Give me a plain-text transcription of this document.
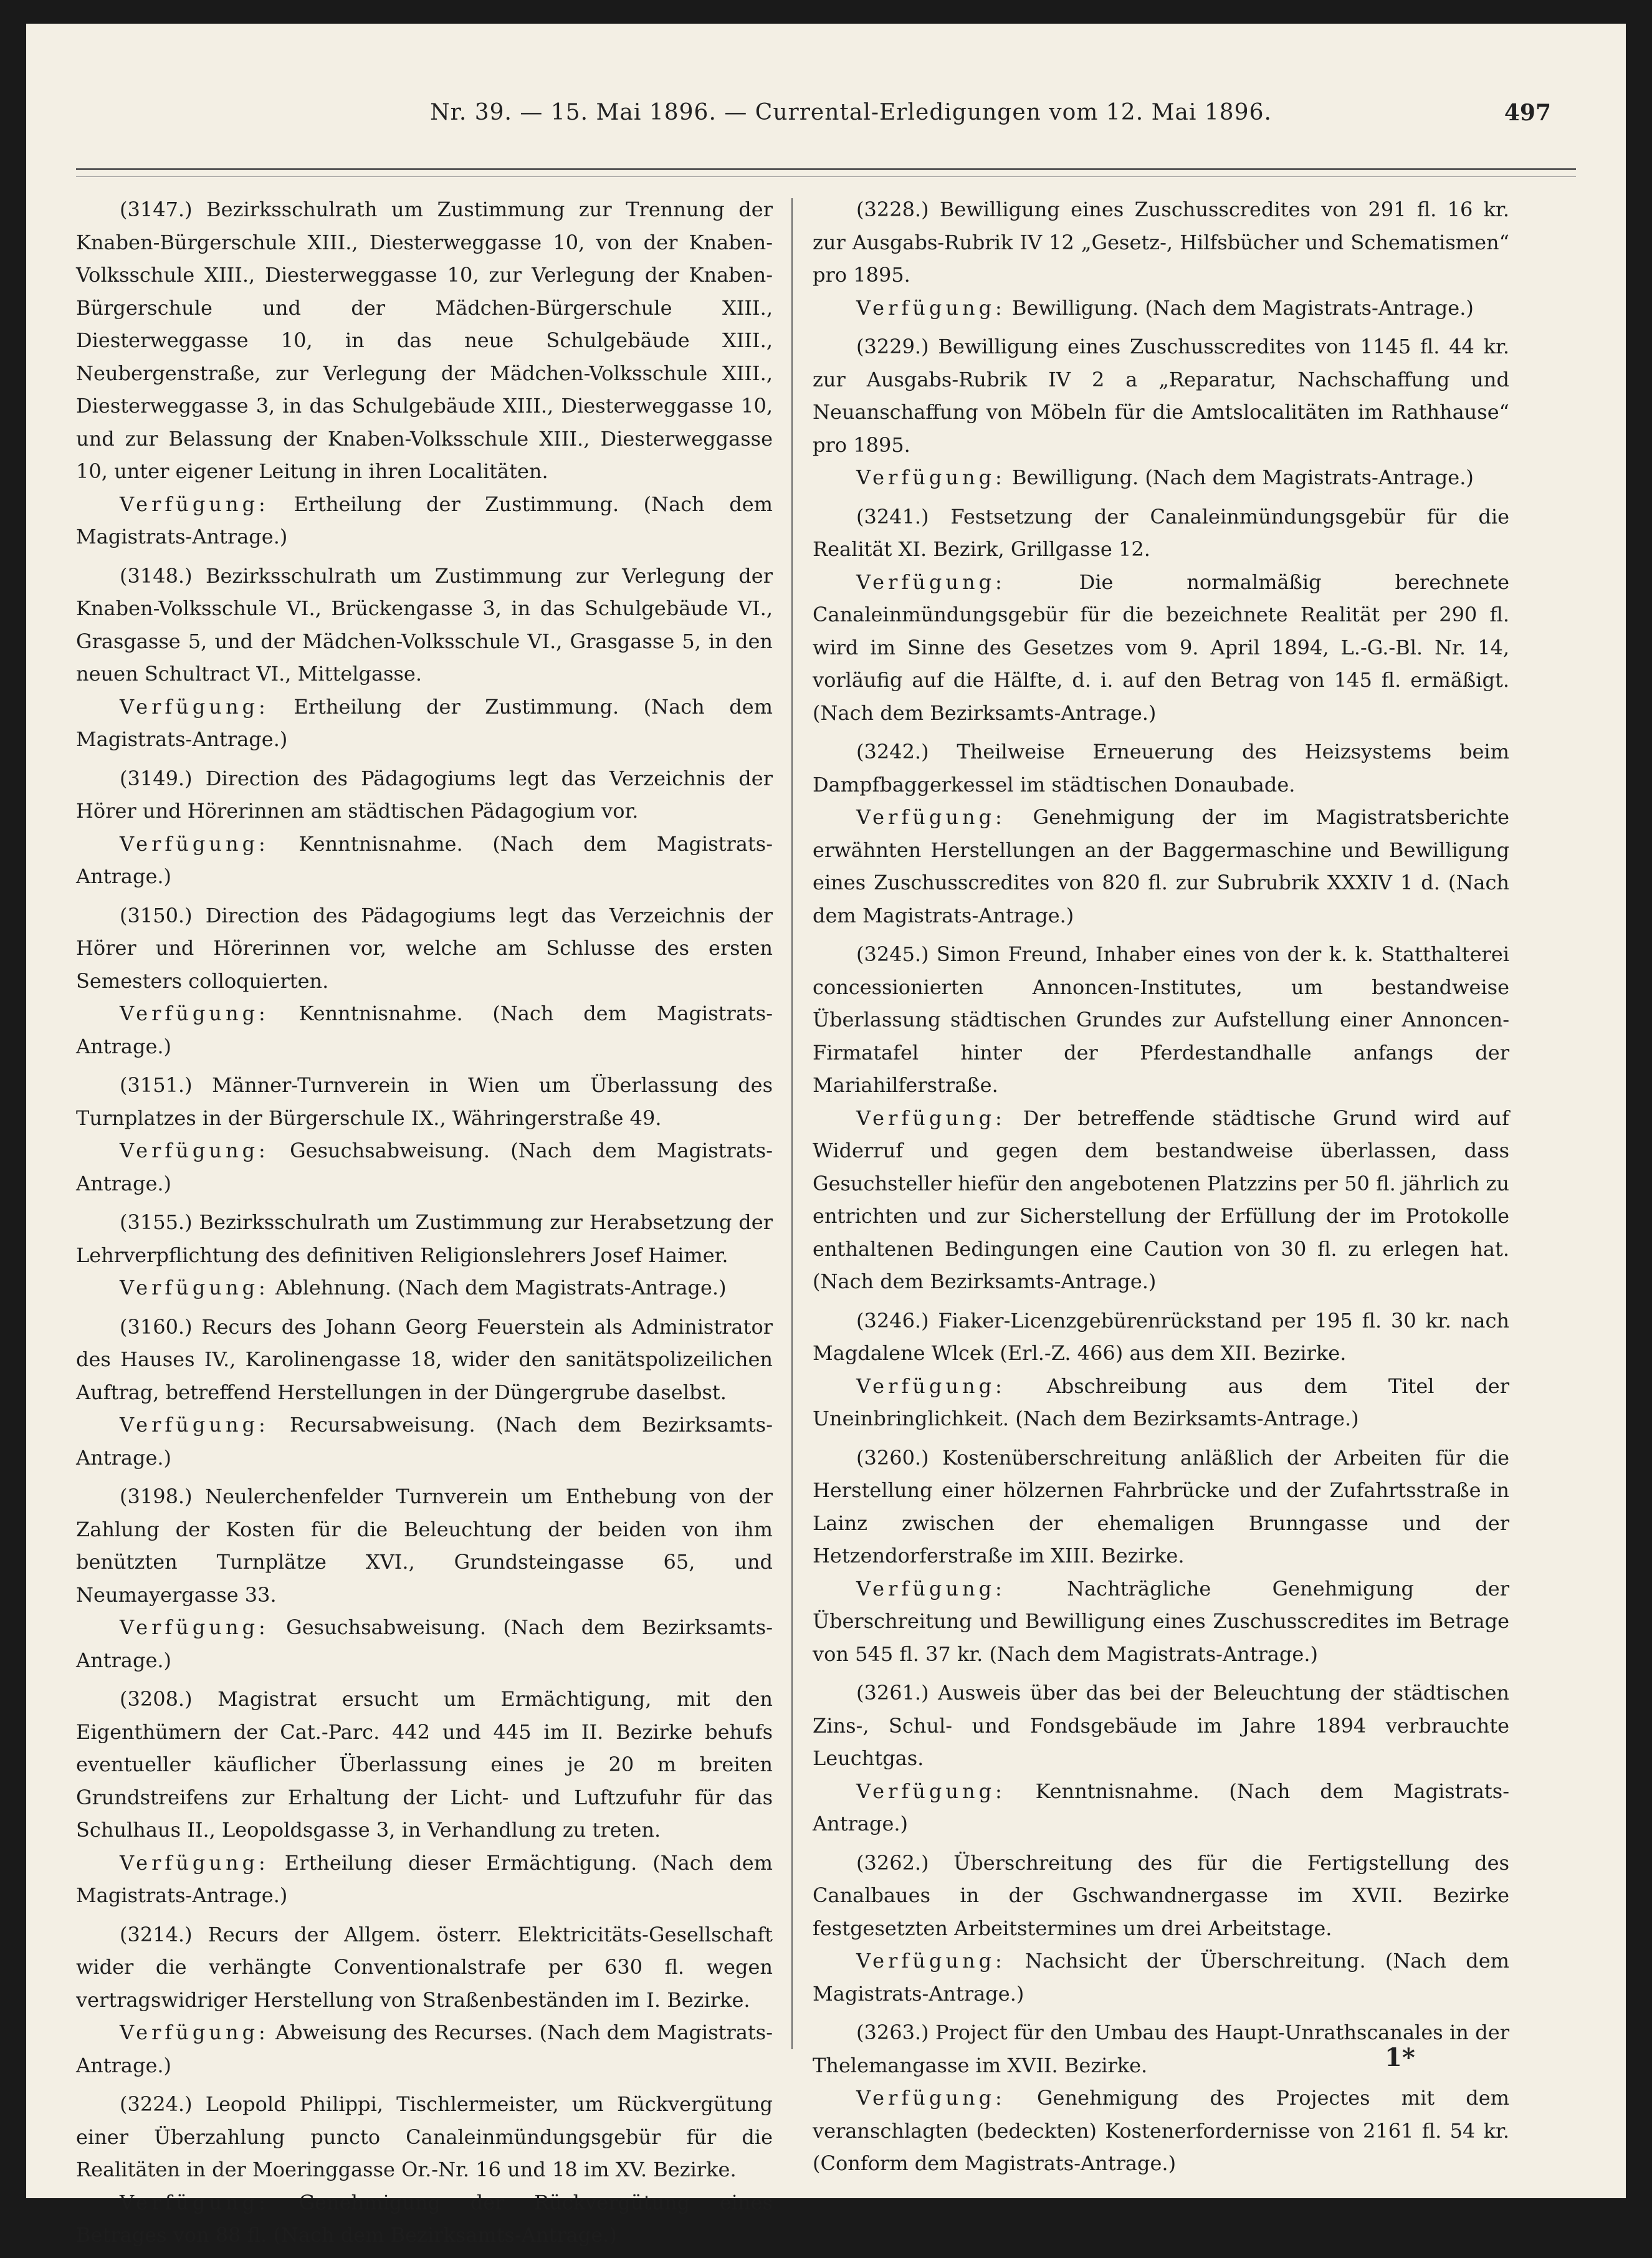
Nr. 39. — 15. Mai 1896. — Currental-Erledigungen vom 12. Mai 1896.	497

(3147.) Bezirksschulrath um Zustimmung zur Trennung der Knaben-Bürgerschule XIII., Diesterweggasse 10, von der Knaben-Volksschule XIII., Diesterweggasse 10, zur Verlegung der Knaben-Bürgerschule und der Mädchen-Bürgerschule XIII., Diesterweggasse 10, in das neue Schulgebäude XIII., Neubergenstraße, zur Verlegung der Mädchen-Volksschule XIII., Diesterweggasse 3, in das Schulgebäude XIII., Diesterweggasse 10, und zur Belassung der Knaben-Volksschule XIII., Diesterweggasse 10, unter eigener Leitung in ihren Localitäten.

Verfügung: Ertheilung der Zustimmung. (Nach dem Magistrats-Antrage.)

(3148.) Bezirksschulrath um Zustimmung zur Verlegung der Knaben-Volksschule VI., Brückengasse 3, in das Schulgebäude VI., Grasgasse 5, und der Mädchen-Volksschule VI., Grasgasse 5, in den neuen Schultract VI., Mittelgasse.

Verfügung: Ertheilung der Zustimmung. (Nach dem Magistrats-Antrage.)

(3149.) Direction des Pädagogiums legt das Verzeichnis der Hörer und Hörerinnen am städtischen Pädagogium vor.

Verfügung: Kenntnisnahme. (Nach dem Magistrats-Antrage.)

(3150.) Direction des Pädagogiums legt das Verzeichnis der Hörer und Hörerinnen vor, welche am Schlusse des ersten Semesters colloquierten.

Verfügung: Kenntnisnahme. (Nach dem Magistrats-Antrage.)

(3151.) Männer-Turnverein in Wien um Überlassung des Turnplatzes in der Bürgerschule IX., Währingerstraße 49.

Verfügung: Gesuchsabweisung. (Nach dem Magistrats-Antrage.)

(3155.) Bezirksschulrath um Zustimmung zur Herabsetzung der Lehrverpflichtung des definitiven Religionslehrers Josef Haimer.

Verfügung: Ablehnung. (Nach dem Magistrats-Antrage.)

(3160.) Recurs des Johann Georg Feuerstein als Administrator des Hauses IV., Karolinengasse 18, wider den sanitätspolizeilichen Auftrag, betreffend Herstellungen in der Düngergrube daselbst.

Verfügung: Recursabweisung. (Nach dem Bezirksamts-Antrage.)

(3198.) Neulerchenfelder Turnverein um Enthebung von der Zahlung der Kosten für die Beleuchtung der beiden von ihm benützten Turnplätze XVI., Grundsteingasse 65, und Neumayergasse 33.

Verfügung: Gesuchsabweisung. (Nach dem Bezirksamts-Antrage.)

(3208.) Magistrat ersucht um Ermächtigung, mit den Eigenthümern der Cat.-Parc. 442 und 445 im II. Bezirke behufs eventueller käuflicher Überlassung eines je 20 m breiten Grundstreifens zur Erhaltung der Licht- und Luftzufuhr für das Schulhaus II., Leopoldsgasse 3, in Verhandlung zu treten.

Verfügung: Ertheilung dieser Ermächtigung. (Nach dem Magistrats-Antrage.)

(3214.) Recurs der Allgem. österr. Elektricitäts-Gesellschaft wider die verhängte Conventionalstrafe per 630 fl. wegen vertragswidriger Herstellung von Straßenbeständen im I. Bezirke.

Verfügung: Abweisung des Recurses. (Nach dem Magistrats-Antrage.)

(3224.) Leopold Philippi, Tischlermeister, um Rückvergütung einer Überzahlung puncto Canaleinmündungsgebür für die Realitäten in der Moeringgasse Or.-Nr. 16 und 18 im XV. Bezirke.

Verfügung: Genehmigung der Rückvergütung eines Betrages von 88 fl. (Nach dem Bezirksamts-Antrage.)

(3228.) Bewilligung eines Zuschusscredites von 291 fl. 16 kr. zur Ausgabs-Rubrik IV 12 „Gesetz-, Hilfsbücher und Schematismen“ pro 1895.

Verfügung: Bewilligung. (Nach dem Magistrats-Antrage.)

(3229.) Bewilligung eines Zuschusscredites von 1145 fl. 44 kr. zur Ausgabs-Rubrik IV 2 a „Reparatur, Nachschaffung und Neuanschaffung von Möbeln für die Amtslocalitäten im Rathhause“ pro 1895.

Verfügung: Bewilligung. (Nach dem Magistrats-Antrage.)

(3241.) Festsetzung der Canaleinmündungsgebür für die Realität XI. Bezirk, Grillgasse 12.

Verfügung:	Die normalmäßig berechnete Canaleinmündungsgebür für die bezeichnete Realität per 290 fl. wird im Sinne des Gesetzes vom 9. April 1894, L.-G.-Bl. Nr. 14, vorläufig auf die Hälfte, d. i. auf den Betrag von 145 fl. ermäßigt. (Nach dem Bezirksamts-Antrage.)

(3242.) Theilweise Erneuerung des Heizsystems beim Dampfbaggerkessel im städtischen Donaubade.

Verfügung: Genehmigung der im Magistratsberichte erwähnten Herstellungen an der Baggermaschine und Bewilligung eines Zuschusscredites von 820 fl. zur Subrubrik XXXIV 1 d. (Nach dem Magistrats-Antrage.)

(3245.) Simon Freund, Inhaber eines von der k. k. Statthalterei concessionierten Annoncen-Institutes, um bestandweise Überlassung städtischen Grundes zur Aufstellung einer Annoncen-Firmatafel hinter der Pferdestandhalle anfangs der Mariahilferstraße.

Verfügung: Der betreffende städtische Grund wird auf Widerruf und gegen dem bestandweise überlassen, dass Gesuchsteller hiefür den angebotenen Platzzins per 50 fl. jährlich zu entrichten und zur Sicherstellung der Erfüllung der im Protokolle enthaltenen Bedingungen eine Caution von 30 fl. zu erlegen hat. (Nach dem Bezirksamts-Antrage.)

(3246.) Fiaker-Licenzgebürenrückstand per 195 fl. 30 kr. nach Magdalene Wlcek (Erl.-Z. 466) aus dem XII. Bezirke.

Verfügung: Abschreibung aus dem Titel der Uneinbringlichkeit. (Nach dem Bezirksamts-Antrage.)

(3260.) Kostenüberschreitung anläßlich der Arbeiten für die Herstellung einer hölzernen Fahrbrücke und der Zufahrtsstraße in Lainz zwischen der ehemaligen Brunngasse und der Hetzendorferstraße im XIII. Bezirke.

Verfügung:	Nachträgliche Genehmigung der Überschreitung und Bewilligung eines Zuschusscredites im Betrage von 545 fl. 37 kr. (Nach dem Magistrats-Antrage.)

(3261.) Ausweis über das bei der Beleuchtung der städtischen Zins-, Schul- und Fondsgebäude im Jahre 1894 verbrauchte Leuchtgas.

Verfügung: Kenntnisnahme. (Nach dem Magistrats-Antrage.)

(3262.) Überschreitung des für die Fertigstellung des Canalbaues in der Gschwandnergasse im XVII. Bezirke festgesetzten Arbeitstermines um drei Arbeitstage.

Verfügung: Nachsicht der Überschreitung. (Nach dem Magistrats-Antrage.)

(3263.) Project für den Umbau des Haupt-Unrathscanales in der Thelemangasse im XVII. Bezirke.

Verfügung: Genehmigung des Projectes mit dem veranschlagten (bedeckten) Kostenerfordernisse von 2161 fl. 54 kr. (Conform dem Magistrats-Antrage.)

1*
